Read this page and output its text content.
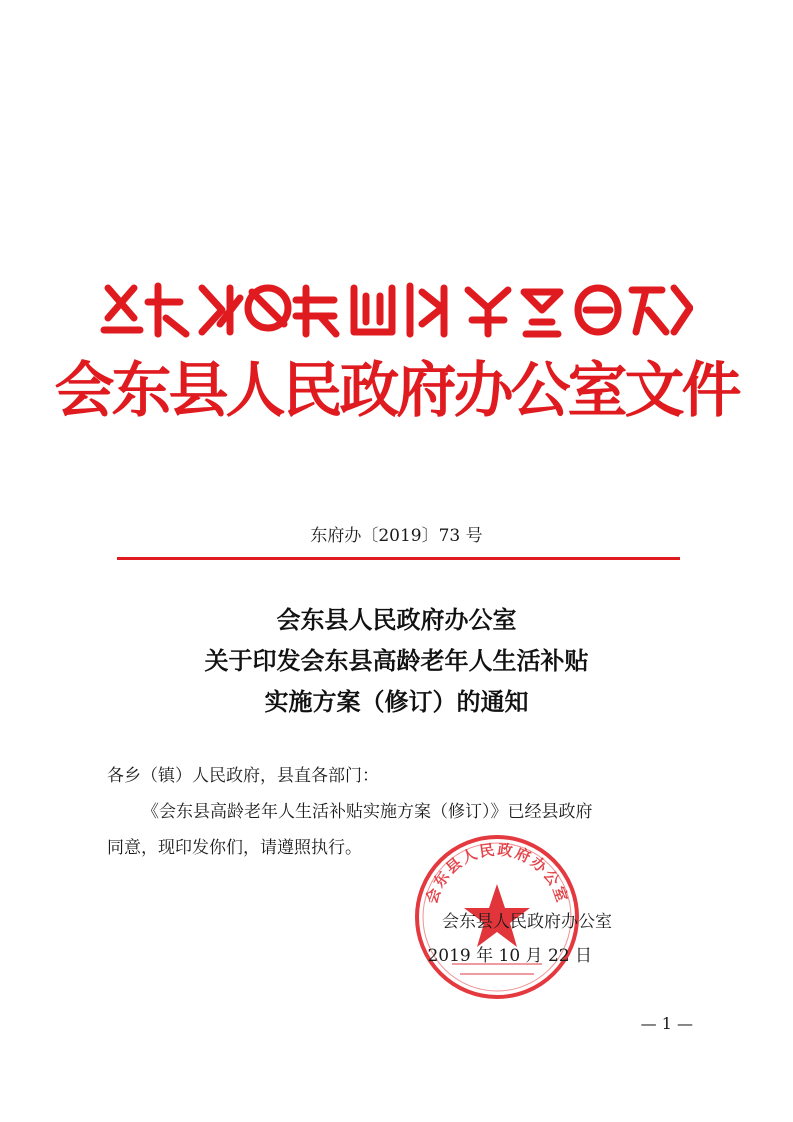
会东县人民政府办公室文件
东府办〔2019〕73 号
会东县人民政府办公室
关于印发会东县高龄老年人生活补贴
实施方案（修订）的通知
各乡（镇）人民政府，县直各部门：
《会东县高龄老年人生活补贴实施方案（修订）》已经县政府
同意，现印发你们，请遵照执行。
会东县人民政府办公室
会东县人民政府办公室
2019 年 10 月 22 日
— 1 —
